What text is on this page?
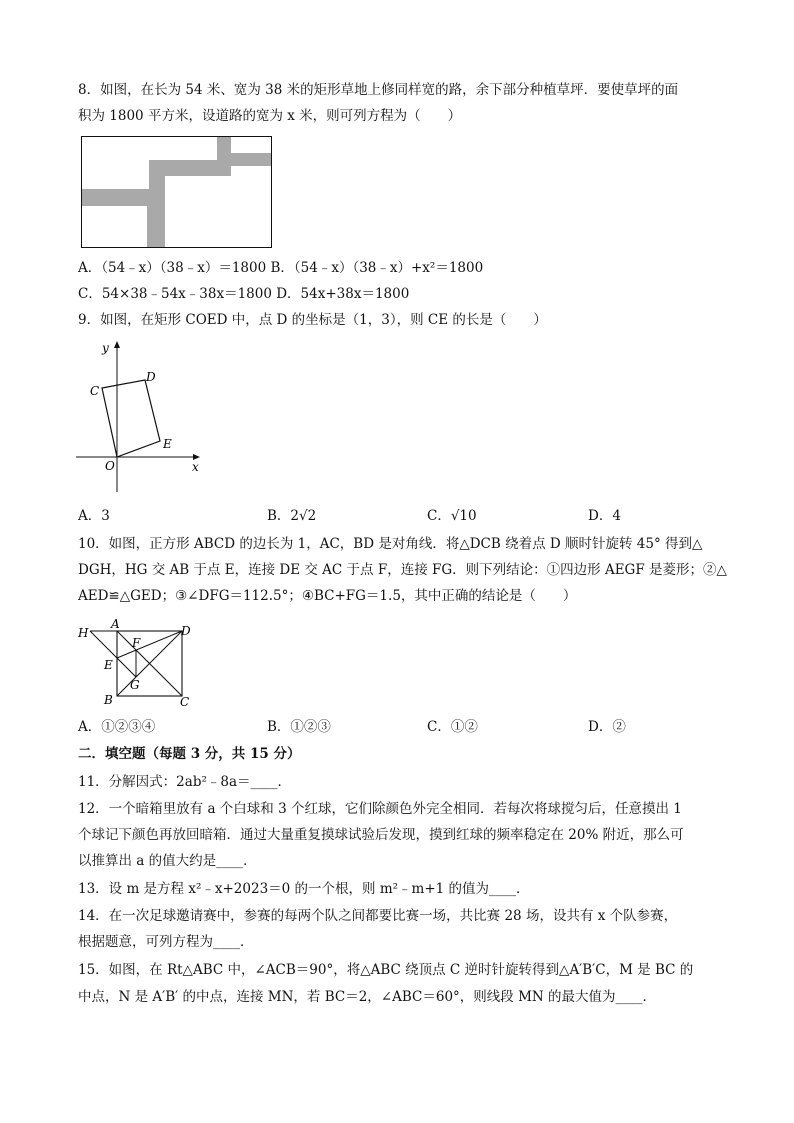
8．如图，在长为 54 米、宽为 38 米的矩形草地上修同样宽的路，余下部分种植草坪．要使草坪的面
积为 1800 平方米，设道路的宽为 x 米，则可列方程为（　　）
A．（54﹣x）（38﹣x）＝1800 B．（54﹣x）（38﹣x）+x²＝1800
C．54×38﹣54x﹣38x＝1800 D．54x+38x＝1800
9．如图，在矩形 COED 中，点 D 的坐标是（1，3），则 CE 的长是（　　）
y
x
O
C
D
E
A．3	B．2√2	C．√10	D．4
10．如图，正方形 ABCD 的边长为 1，AC，BD 是对角线．将△DCB 绕着点 D 顺时针旋转 45° 得到△
DGH，HG 交 AB 于点 E，连接 DE 交 AC 于点 F，连接 FG．则下列结论：①四边形 AEGF 是菱形；②△
AED≌△GED；③∠DFG＝112.5°；④BC+FG＝1.5，其中正确的结论是（　　）
H
A	D
F
E
G
B	C
A．①②③④	B．①②③	C．①②	D．②
二．填空题（每题 3 分，共 15 分）
11．分解因式：2ab²﹣8a＝____．
12．一个暗箱里放有 a 个白球和 3 个红球，它们除颜色外完全相同．若每次将球搅匀后，任意摸出 1
个球记下颜色再放回暗箱．通过大量重复摸球试验后发现，摸到红球的频率稳定在 20% 附近，那么可
以推算出 a 的值大约是____．
13．设 m 是方程 x²﹣x+2023＝0 的一个根，则 m²﹣m+1 的值为____．
14．在一次足球邀请赛中，参赛的每两个队之间都要比赛一场，共比赛 28 场，设共有 x 个队参赛，
根据题意，可列方程为____．
15．如图，在 Rt△ABC 中，∠ACB＝90°，将△ABC 绕顶点 C 逆时针旋转得到△A′B′C，M 是 BC 的
中点，N 是 A′B′ 的中点，连接 MN，若 BC＝2，∠ABC＝60°，则线段 MN 的最大值为____．
